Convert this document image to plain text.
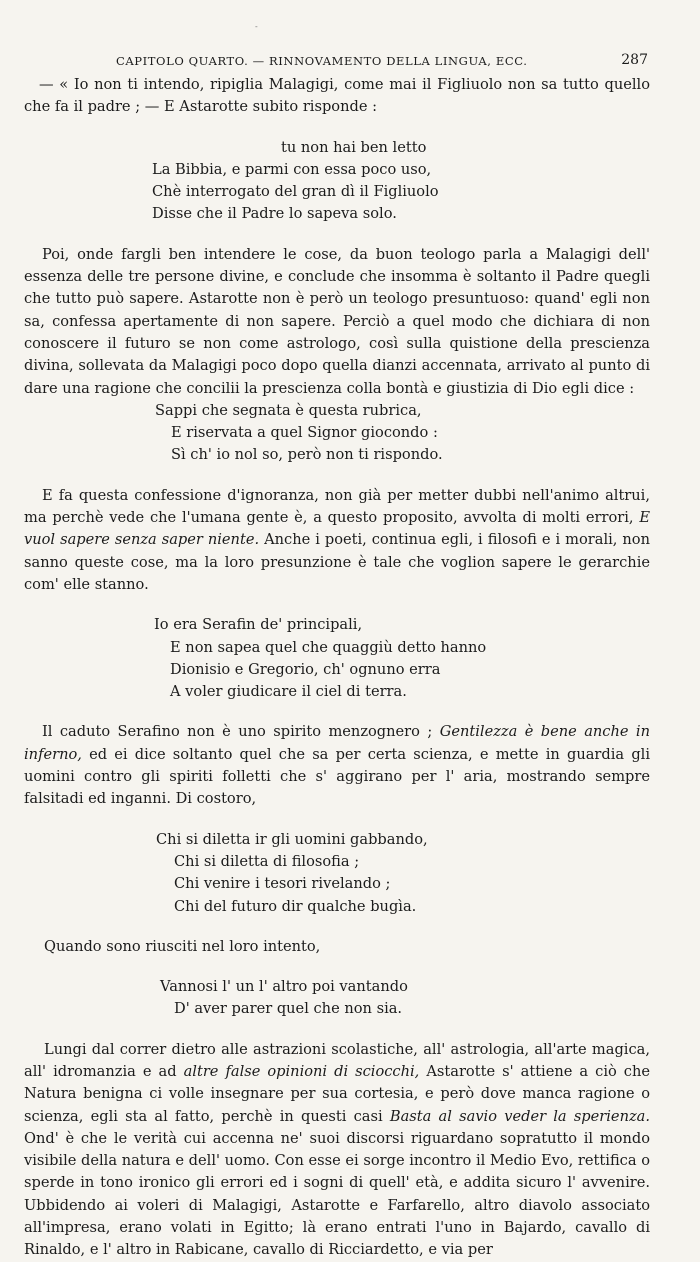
-
CAPITOLO QUARTO. — RINNOVAMENTO DELLA LINGUA, ECC.	287

— « Io non ti intendo, ripiglia Malagigi, come mai il Figliuolo non sa tutto quello che fa il padre ; — E Astarotte subito risponde :

tu non hai ben letto
La Bibbia, e parmi con essa poco uso,
Chè interrogato del gran dì il Figliuolo
Disse che il Padre lo sapeva solo.

Poi, onde fargli ben intendere le cose, da buon teologo parla a Malagigi dell' essenza delle tre persone divine, e conclude che insomma è soltanto il Padre quegli che tutto può sapere. Astarotte non è però un teologo presuntuoso: quand' egli non sa, confessa apertamente di non sapere. Perciò a quel modo che dichiara di non conoscere il futuro se non come astrologo, così sulla quistione della prescienza divina, sollevata da Malagigi poco dopo quella dianzi accennata, arrivato al punto di dare una ragione che concilii la prescienza colla bontà e giustizia di Dio egli dice :

Sappi che segnata è questa rubrica,
E riservata a quel Signor giocondo :
Sì ch' io nol so, però non ti rispondo.

E fa questa confessione d'ignoranza, non già per metter dubbi nell'animo altrui, ma perchè vede che l'umana gente è, a questo proposito, avvolta di molti errori, E vuol sapere senza saper niente. Anche i poeti, continua egli, i filosofi e i morali, non sanno queste cose, ma la loro presunzione è tale che voglion sapere le gerarchie com' elle stanno.

Io era Serafin de' principali,
E non sapea quel che quaggiù detto hanno
Dionisio e Gregorio, ch' ognuno erra
A voler giudicare il ciel di terra.

Il caduto Serafino non è uno spirito menzognero ; Gentilezza è bene anche in inferno, ed ei dice soltanto quel che sa per certa scienza, e mette in guardia gli uomini contro gli spiriti folletti che s' aggirano per l' aria, mostrando sempre falsitadi ed inganni. Di costoro,

Chi si diletta ir gli uomini gabbando,
Chi si diletta di filosofia ;
Chi venire i tesori rivelando ;
Chi del futuro dir qualche bugìa.

Quando sono riusciti nel loro intento,

Vannosi l' un l' altro poi vantando
D' aver parer quel che non sia.

Lungi dal correr dietro alle astrazioni scolastiche, all' astrologia, all'arte magica, all' idromanzia e ad altre false opinioni di sciocchi, Astarotte s' attiene a ciò che Natura benigna ci volle insegnare per sua cortesia, e però dove manca ragione o scienza, egli sta al fatto, perchè in questi casi Basta al savio veder la sperienza. Ond' è che le verità cui accenna ne' suoi discorsi riguardano sopratutto il mondo visibile della natura e dell' uomo. Con esse ei sorge incontro il Medio Evo, rettifica o sperde in tono ironico gli errori ed i sogni di quell' età, e addita sicuro l' avvenire. Ubbidendo ai voleri di Malagigi, Astarotte e Farfarello, altro diavolo associato all'impresa, erano volati in Egitto; là erano entrati l'uno in Bajardo, cavallo di Rinaldo, e l' altro in Rabicane, cavallo di Ricciardetto, e via per
